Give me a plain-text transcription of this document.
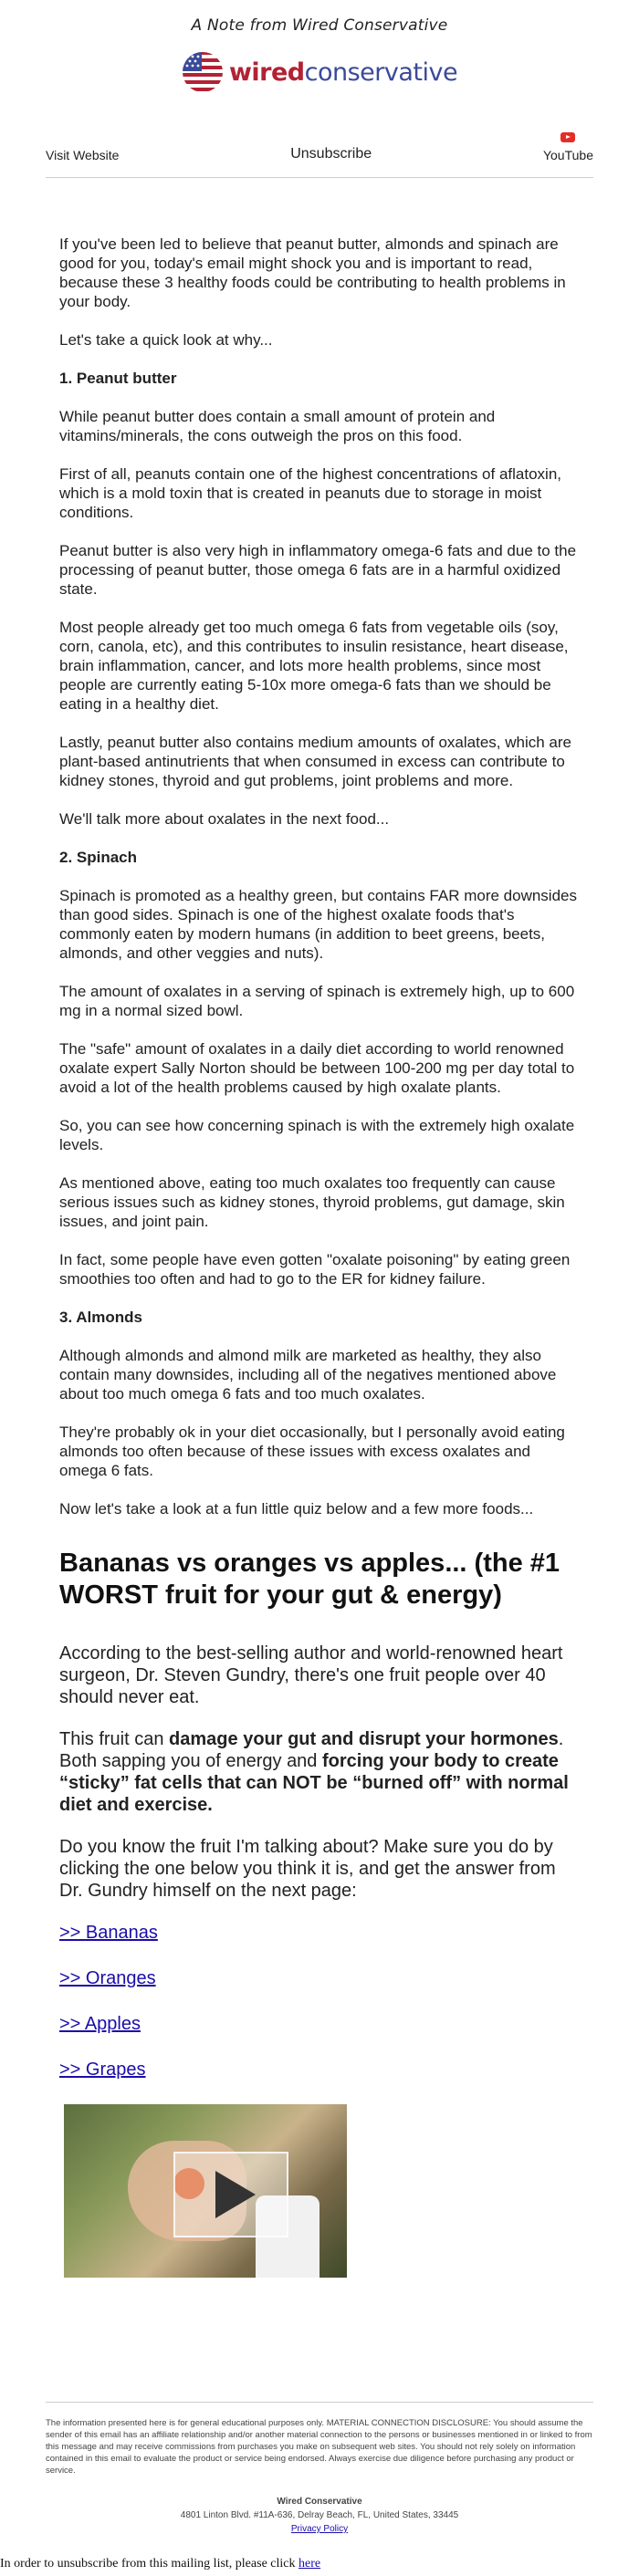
A Note from Wired Conservative
wiredconservative
Visit Website	Unsubscribe	YouTube

If you've been led to believe that peanut butter, almonds and spinach are good for you, today's email might shock you and is important to read, because these 3 healthy foods could be contributing to health problems in your body.

Let's take a quick look at why...

1. Peanut butter

While peanut butter does contain a small amount of protein and vitamins/minerals, the cons outweigh the pros on this food.

First of all, peanuts contain one of the highest concentrations of aflatoxin, which is a mold toxin that is created in peanuts due to storage in moist conditions.

Peanut butter is also very high in inflammatory omega-6 fats and due to the processing of peanut butter, those omega 6 fats are in a harmful oxidized state.

Most people already get too much omega 6 fats from vegetable oils (soy, corn, canola, etc), and this contributes to insulin resistance, heart disease, brain inflammation, cancer, and lots more health problems, since most people are currently eating 5-10x more omega-6 fats than we should be eating in a healthy diet.

Lastly, peanut butter also contains medium amounts of oxalates, which are plant-based antinutrients that when consumed in excess can contribute to kidney stones, thyroid and gut problems, joint problems and more.

We'll talk more about oxalates in the next food...

2. Spinach

Spinach is promoted as a healthy green, but contains FAR more downsides than good sides. Spinach is one of the highest oxalate foods that's commonly eaten by modern humans (in addition to beet greens, beets, almonds, and other veggies and nuts).

The amount of oxalates in a serving of spinach is extremely high, up to 600 mg in a normal sized bowl.

The "safe" amount of oxalates in a daily diet according to world renowned oxalate expert Sally Norton should be between 100-200 mg per day total to avoid a lot of the health problems caused by high oxalate plants.

So, you can see how concerning spinach is with the extremely high oxalate levels.

As mentioned above, eating too much oxalates too frequently can cause serious issues such as kidney stones, thyroid problems, gut damage, skin issues, and joint pain.

In fact, some people have even gotten "oxalate poisoning" by eating green smoothies too often and had to go to the ER for kidney failure.

3. Almonds

Although almonds and almond milk are marketed as healthy, they also contain many downsides, including all of the negatives mentioned above about too much omega 6 fats and too much oxalates.

They're probably ok in your diet occasionally, but I personally avoid eating almonds too often because of these issues with excess oxalates and omega 6 fats.

Now let's take a look at a fun little quiz below and a few more foods...

Bananas vs oranges vs apples... (the #1 WORST fruit for your gut & energy)

According to the best-selling author and world-renowned heart surgeon, Dr. Steven Gundry, there's one fruit people over 40 should never eat.

This fruit can damage your gut and disrupt your hormones. Both sapping you of energy and forcing your body to create “sticky” fat cells that can NOT be “burned off” with normal diet and exercise.

Do you know the fruit I'm talking about? Make sure you do by clicking the one below you think it is, and get the answer from Dr. Gundry himself on the next page:

>> Bananas
>> Oranges
>> Apples
>> Grapes
The information presented here is for general educational purposes only. MATERIAL CONNECTION DISCLOSURE: You should assume the sender of this email has an affiliate relationship and/or another material connection to the persons or businesses mentioned in or linked to from this message and may receive commissions from purchases you make on subsequent web sites. You should not rely solely on information contained in this email to evaluate the product or service being endorsed. Always exercise due diligence before purchasing any product or service.
Wired Conservative
4801 Linton Blvd. #11A-636, Delray Beach, FL, United States, 33445
Privacy Policy
In order to unsubscribe from this mailing list, please click here
